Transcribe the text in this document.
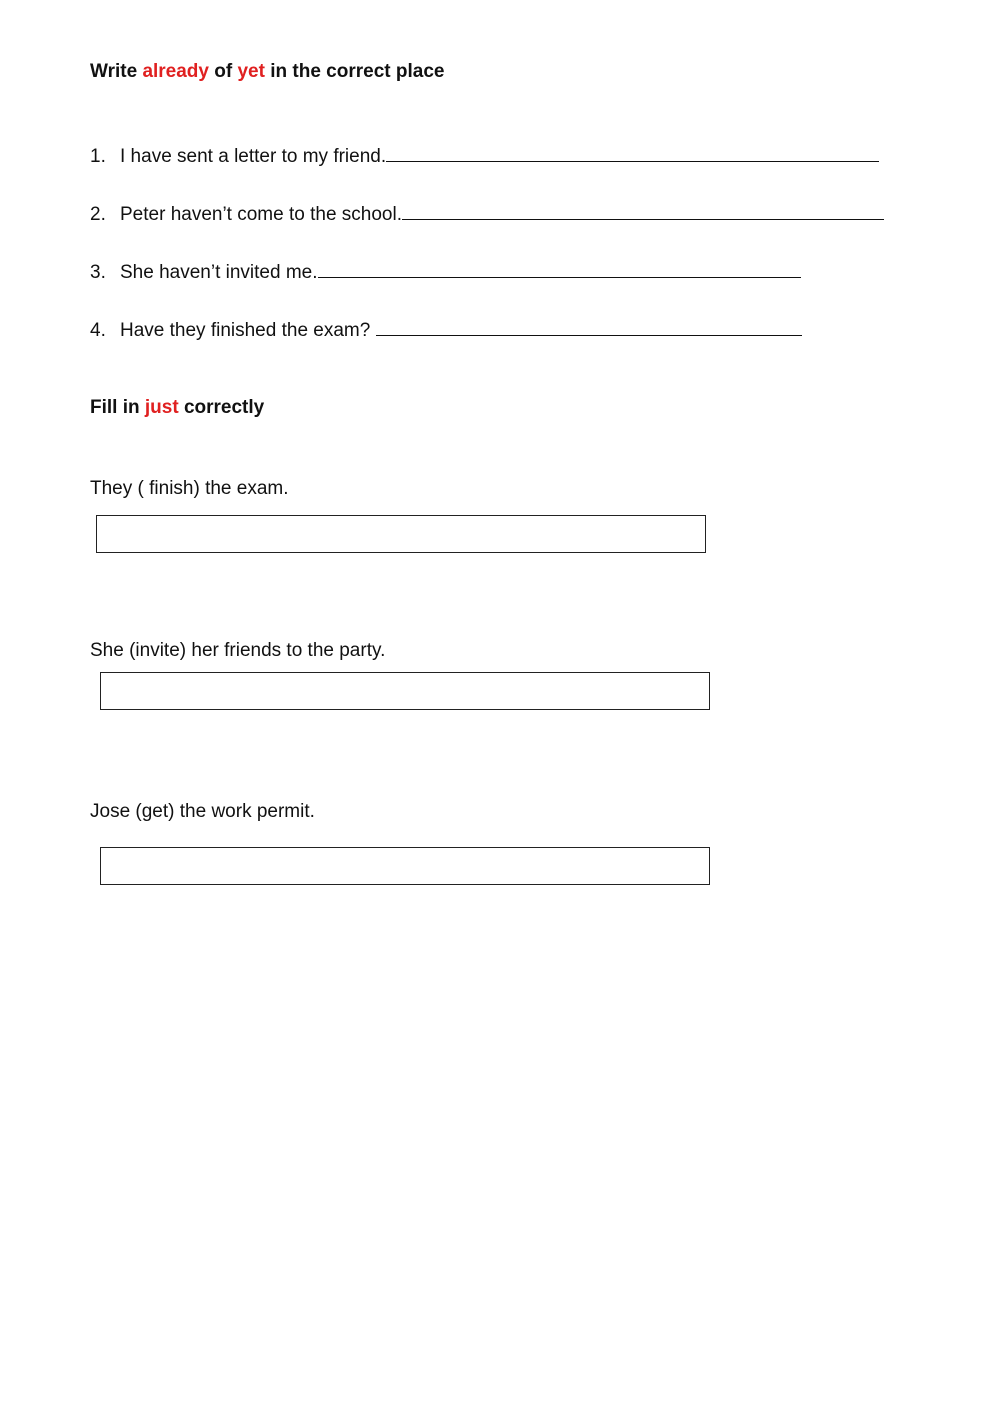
Write already of yet in the correct place
1. I have sent a letter to my friend.
2. Peter haven’t come to the school.
3. She haven’t invited me.
4. Have they finished the exam?
Fill in just correctly
They ( finish) the exam.
She (invite) her friends to the party.
Jose (get) the work permit.
